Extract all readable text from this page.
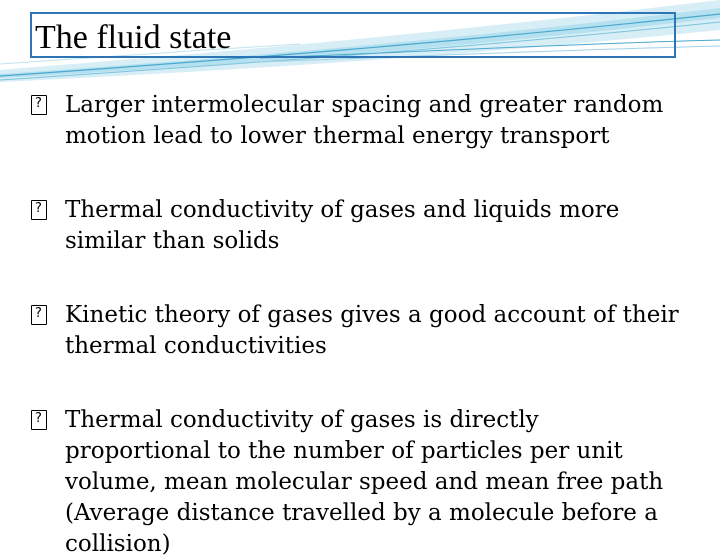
The fluid state
?
Larger intermolecular spacing and greater random motion lead to lower thermal energy transport
?
Thermal conductivity of gases and liquids more similar than solids
?
Kinetic theory of gases gives a good account of their thermal conductivities
?
Thermal conductivity of gases is directly proportional to the number of particles per unit volume, mean molecular speed and mean free path (Average distance travelled by a molecule before a collision)
